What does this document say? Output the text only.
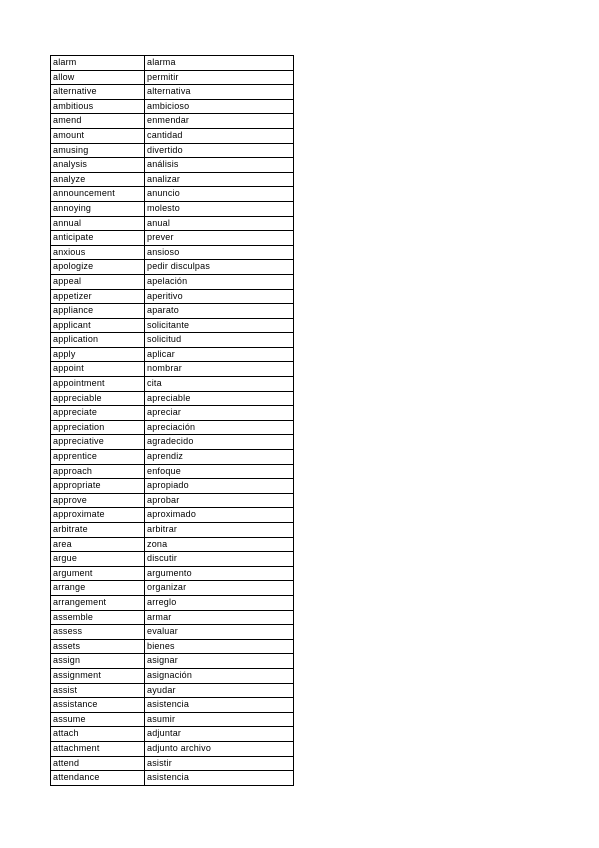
alarm	alarma
allow	permitir
alternative	alternativa
ambitious	ambicioso
amend	enmendar
amount	cantidad
amusing	divertido
analysis	análisis
analyze	analizar
announcement	anuncio
annoying	molesto
annual	anual
anticipate	prever
anxious	ansioso
apologize	pedir disculpas
appeal	apelación
appetizer	aperitivo
appliance	aparato
applicant	solicitante
application	solicitud
apply	aplicar
appoint	nombrar
appointment	cita
appreciable	apreciable
appreciate	apreciar
appreciation	apreciación
appreciative	agradecido
apprentice	aprendiz
approach	enfoque
appropriate	apropiado
approve	aprobar
approximate	aproximado
arbitrate	arbitrar
area	zona
argue	discutir
argument	argumento
arrange	organizar
arrangement	arreglo
assemble	armar
assess	evaluar
assets	bienes
assign	asignar
assignment	asignación
assist	ayudar
assistance	asistencia
assume	asumir
attach	adjuntar
attachment	adjunto archivo
attend	asistir
attendance	asistencia
